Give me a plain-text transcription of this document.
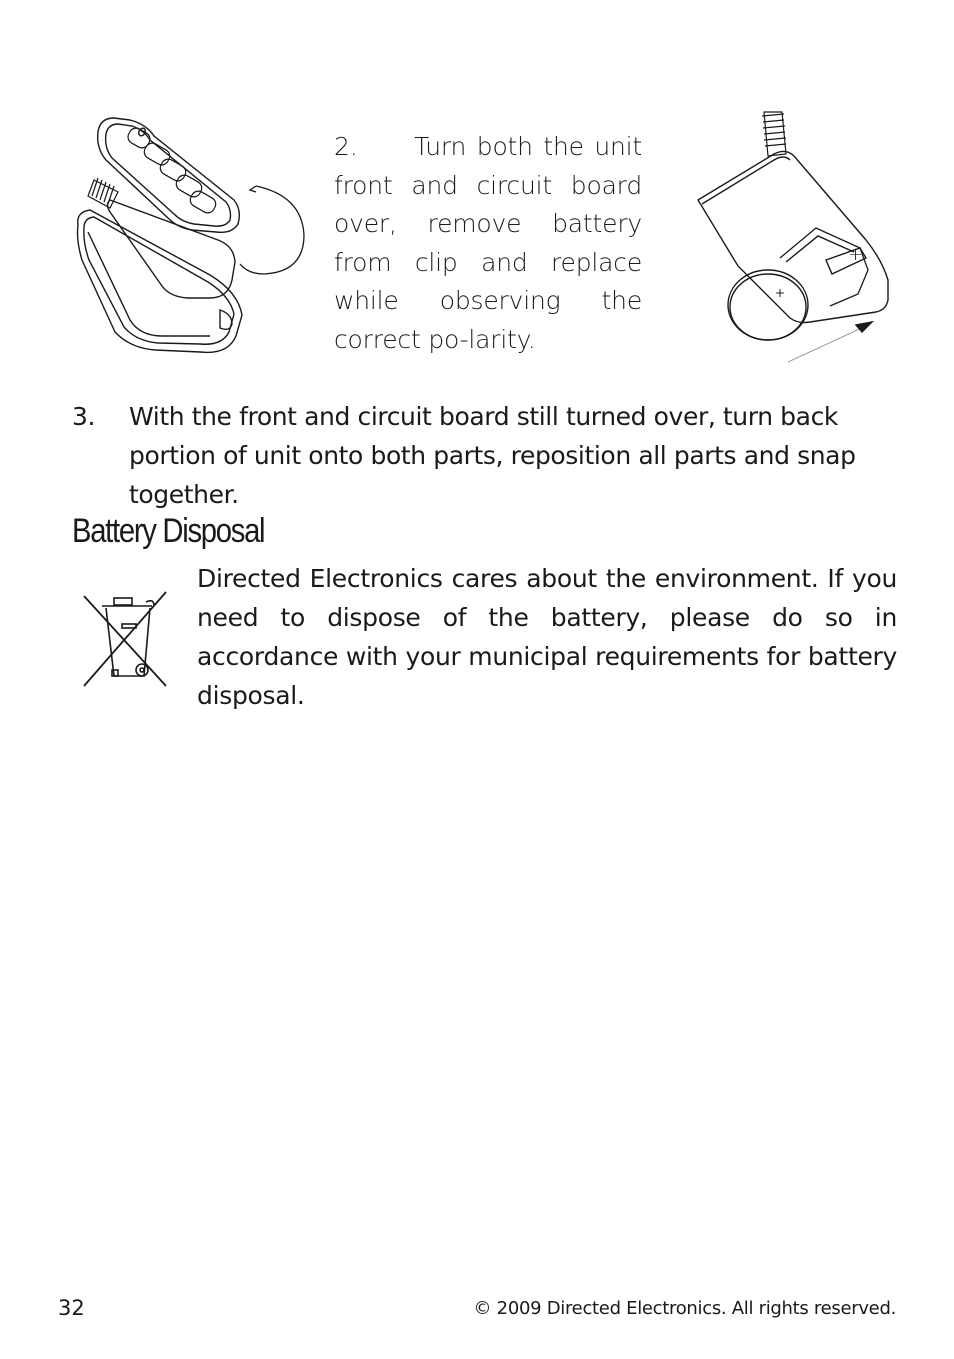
2. Turn both the unit front and circuit board over, remove battery from clip and replace while observing the correct po-larity.
+
+
3. With the front and circuit board still turned over, turn back portion of unit onto both parts, reposition all parts and snap together.
Battery Disposal
Directed Electronics cares about the environment. If you need to dispose of the battery, please do so in accordance with your municipal requirements for battery disposal.
32	© 2009 Directed Electronics. All rights reserved.
